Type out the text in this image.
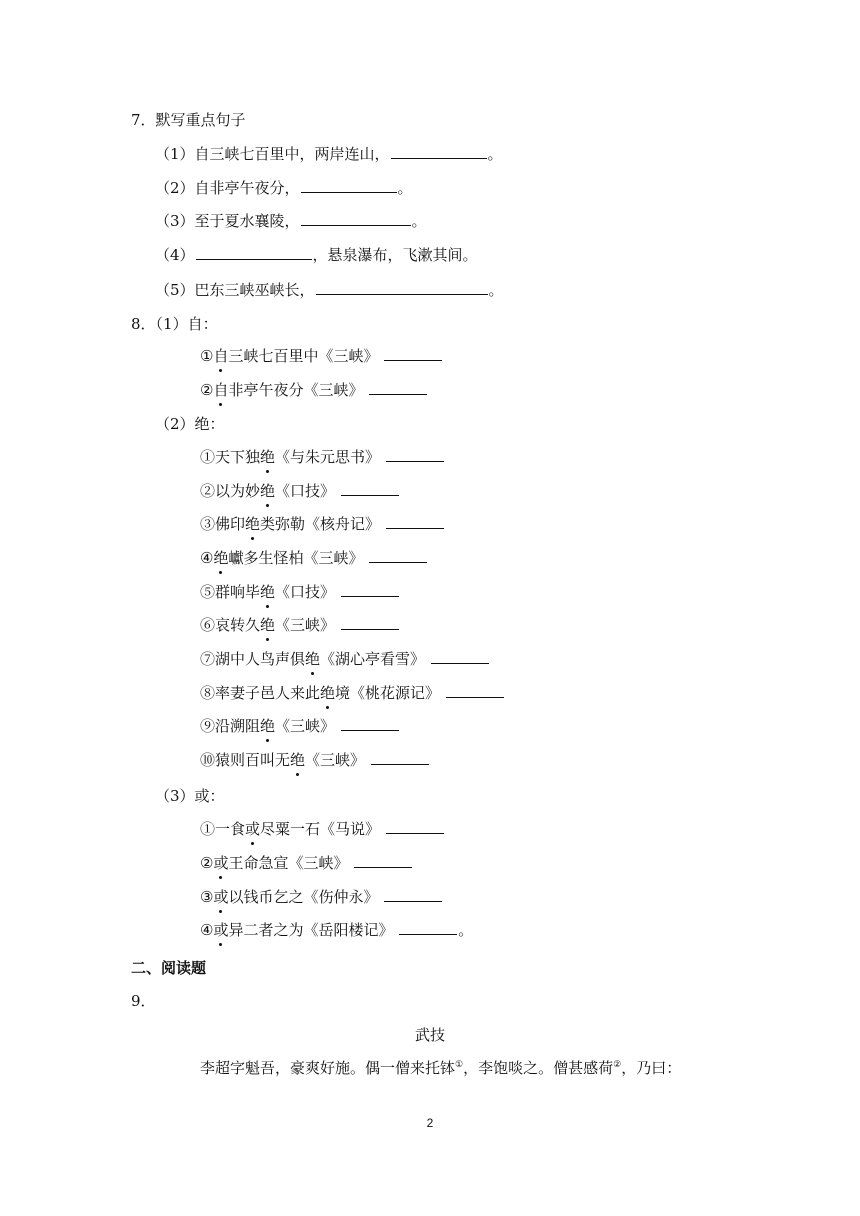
7．默写重点句子
（1）自三峡七百里中，两岸连山，	。
（2）自非亭午夜分，	。
（3）至于夏水襄陵，	。
（4）	，悬泉瀑布，飞漱其间。
（5）巴东三峡巫峡长，	。
8．（1）自：
①自三峡七百里中《三峡》
②自非亭午夜分《三峡》
（2）绝：
①天下独绝《与朱元思书》
②以为妙绝《口技》
③佛印绝类弥勒《核舟记》
④绝巘多生怪柏《三峡》
⑤群响毕绝《口技》
⑥哀转久绝《三峡》
⑦湖中人鸟声俱绝《湖心亭看雪》
⑧率妻子邑人来此绝境《桃花源记》
⑨沿溯阻绝《三峡》
⑩猿则百叫无绝《三峡》
（3）或：
①一食或尽粟一石《马说》
②或王命急宣《三峡》
③或以钱币乞之《伤仲永》
④或异二者之为《岳阳楼记》	。
二、阅读题
9．
武技
李超字魁吾，豪爽好施。偶一僧来托钵①，李饱啖之。僧甚感荷②，乃曰：
2
